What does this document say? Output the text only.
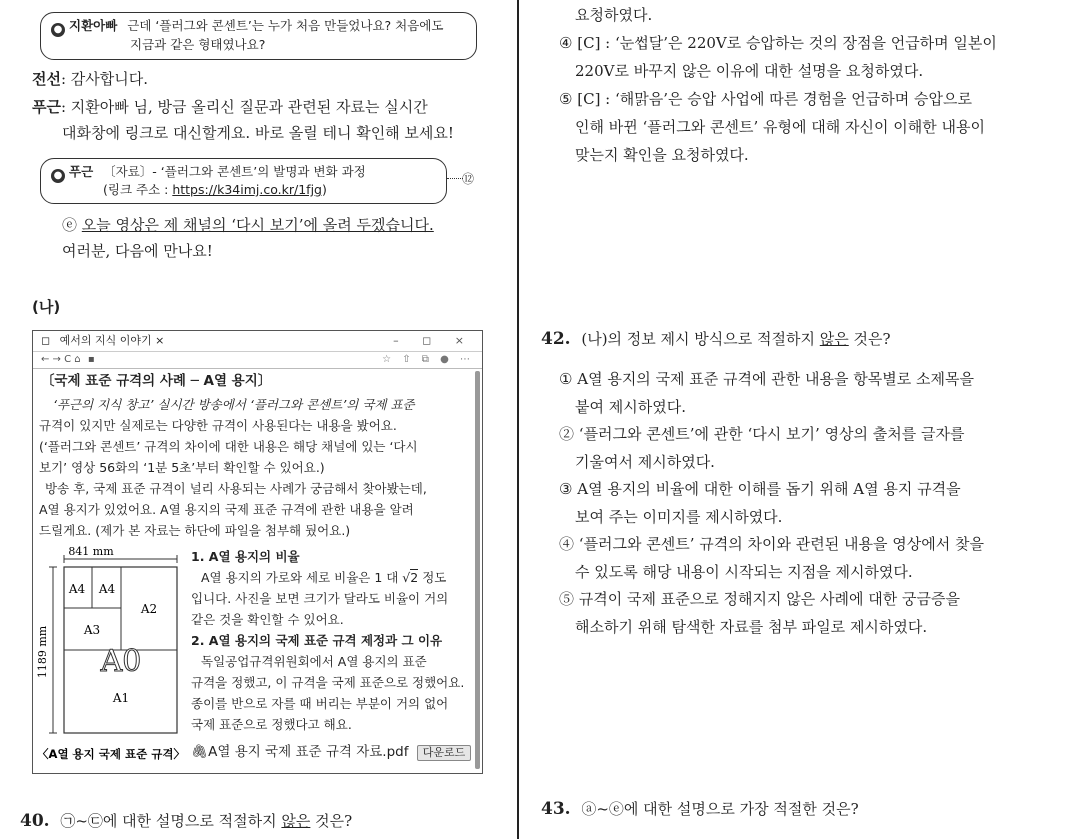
● 지환아빠 근데 ‘플러그와 콘센트’는 누가 처음 만들었나요? 처음에도
지금과 같은 형태였나요?
전선: 감사합니다.
푸근: 지환아빠 님, 방금 올리신 질문과 관련된 자료는 실시간
대화창에 링크로 대신할게요. 바로 올릴 테니 확인해 보세요!
● 푸근 〔자료〕- ‘플러그와 콘센트’의 발명과 변화 과정
(링크 주소 : https://k34imj.co.kr/1fjg)
⑫
ⓔ 오늘 영상은 제 채널의 ‘다시 보기’에 올려 두겠습니다.
여러분, 다음에 만나요!
(나)
◻ 예서의 지식 이야기 ×	– ◻ ×
← → C ⌂ ▪	☆ ⇧ ⧉ ● ⋯
〔국제 표준 규격의 사례 ─ A열 용지〕
‘푸근의 지식 창고’ 실시간 방송에서 ‘플러그와 콘센트’의 국제 표준
규격이 있지만 실제로는 다양한 규격이 사용된다는 내용을 봤어요.
(‘플러그와 콘센트’ 규격의 차이에 대한 내용은 해당 채널에 있는 ‘다시
보기’ 영상 56화의 ‘1분 5초’부터 확인할 수 있어요.)
방송 후, 국제 표준 규격이 널리 사용되는 사례가 궁금해서 찾아봤는데,
A열 용지가 있었어요. A열 용지의 국제 표준 규격에 관한 내용을 알려
드릴게요. (제가 본 자료는 하단에 파일을 첨부해 뒀어요.)
841 mm
1189 mm
A4 A4
A2
A3
A0
A1
〈A열 용지 국제 표준 규격〉
1. A열 용지의 비율
A열 용지의 가로와 세로 비율은 1 대 √2 정도
입니다. 사진을 보면 크기가 달라도 비율이 거의
같은 것을 확인할 수 있어요.
2. A열 용지의 국제 표준 규격 제정과 그 이유
독일공업규격위원회에서 A열 용지의 표준
규격을 정했고, 이 규격을 국제 표준으로 정했어요.
종이를 반으로 자를 때 버리는 부분이 거의 없어
국제 표준으로 정했다고 해요.
🖇A열 용지 국제 표준 규격 자료.pdf 다운로드
40. ㉠~㉢에 대한 설명으로 적절하지 않은 것은?
요청하였다.
④ [C] : ‘눈썹달’은 220V로 승압하는 것의 장점을 언급하며 일본이
220V로 바꾸지 않은 이유에 대한 설명을 요청하였다.
⑤ [C] : ‘해맑음’은 승압 사업에 따른 경험을 언급하며 승압으로
인해 바뀐 ‘플러그와 콘센트’ 유형에 대해 자신이 이해한 내용이
맞는지 확인을 요청하였다.
42. (나)의 정보 제시 방식으로 적절하지 않은 것은?
① A열 용지의 국제 표준 규격에 관한 내용을 항목별로 소제목을
붙여 제시하였다.
② ‘플러그와 콘센트’에 관한 ‘다시 보기’ 영상의 출처를 글자를
기울여서 제시하였다.
③ A열 용지의 비율에 대한 이해를 돕기 위해 A열 용지 규격을
보여 주는 이미지를 제시하였다.
④ ‘플러그와 콘센트’ 규격의 차이와 관련된 내용을 영상에서 찾을
수 있도록 해당 내용이 시작되는 지점을 제시하였다.
⑤ 규격이 국제 표준으로 정해지지 않은 사례에 대한 궁금증을
해소하기 위해 탐색한 자료를 첨부 파일로 제시하였다.
43. ⓐ~ⓔ에 대한 설명으로 가장 적절한 것은?
